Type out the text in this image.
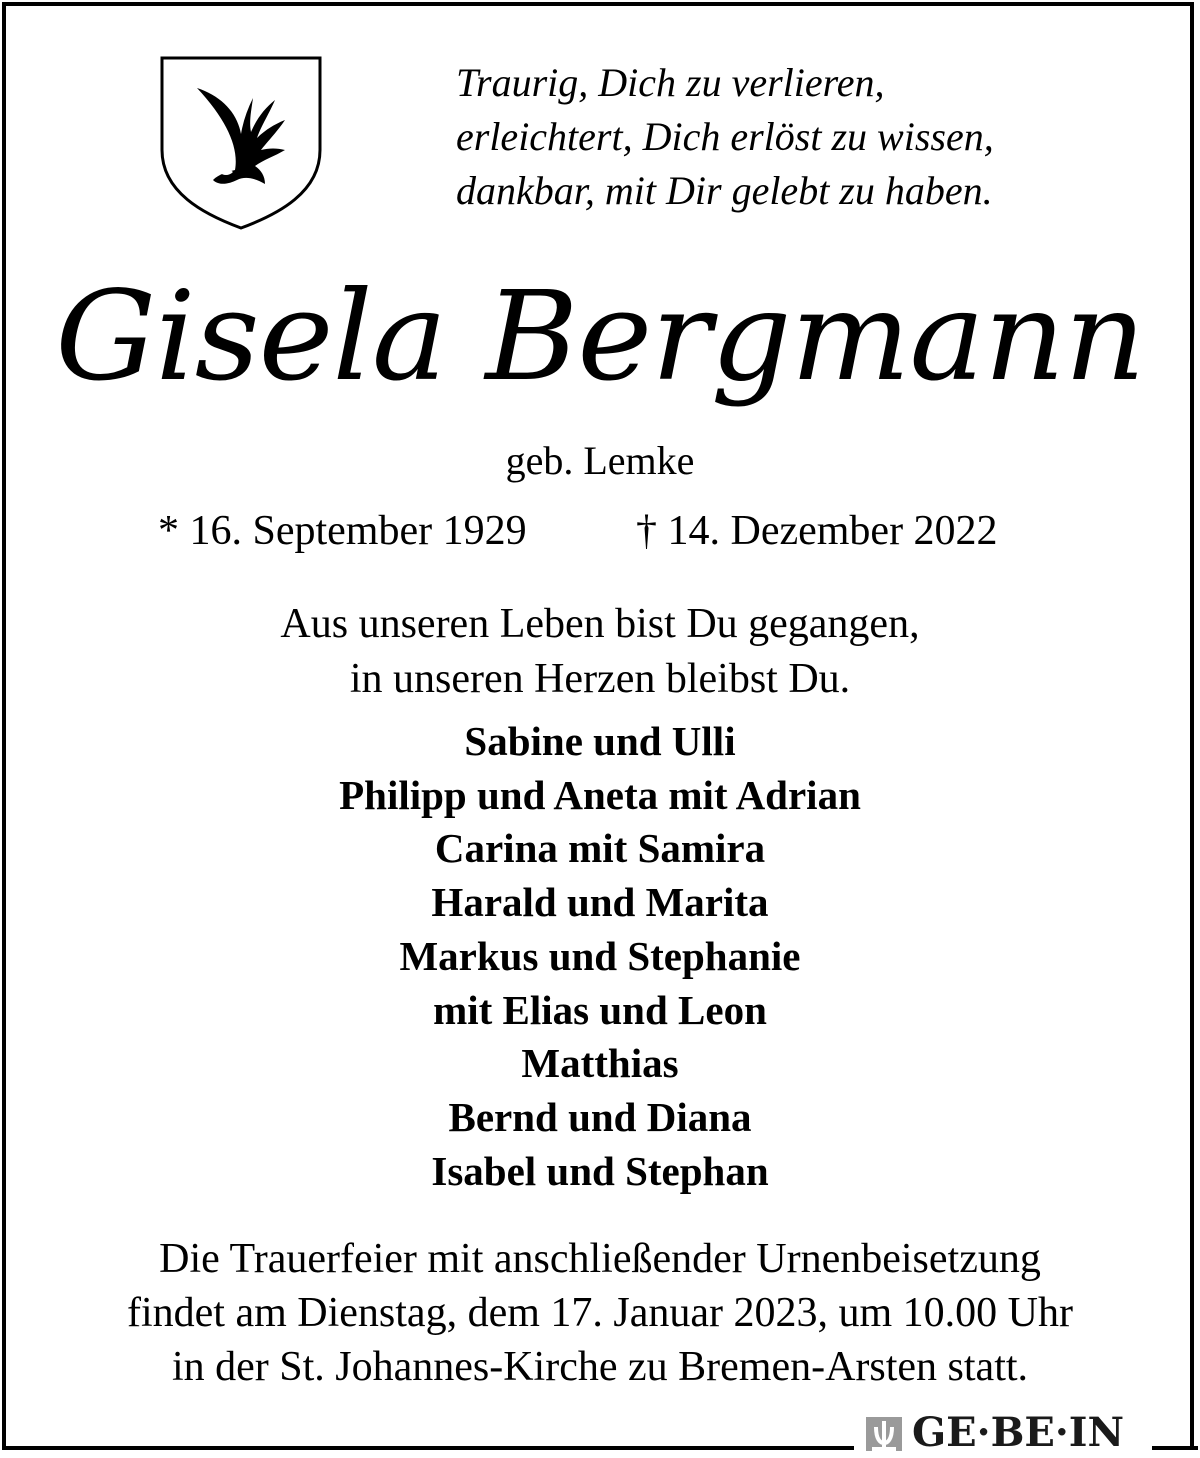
Traurig, Dich zu verlieren,
erleichtert, Dich erlöst zu wissen,
dankbar, mit Dir gelebt zu haben.
Gisela Bergmann
geb. Lemke
* 16. September 1929	† 14. Dezember 2022
Aus unseren Leben bist Du gegangen,
in unseren Herzen bleibst Du.
Sabine und Ulli
Philipp und Aneta mit Adrian
Carina mit Samira
Harald und Marita
Markus und Stephanie
mit Elias und Leon
Matthias
Bernd und Diana
Isabel und Stephan
Die Trauerfeier mit anschließender Urnenbeisetzung
findet am Dienstag, dem 17. Januar 2023, um 10.00 Uhr
in der St. Johannes-Kirche zu Bremen-Arsten statt.
GE·BE·IN
